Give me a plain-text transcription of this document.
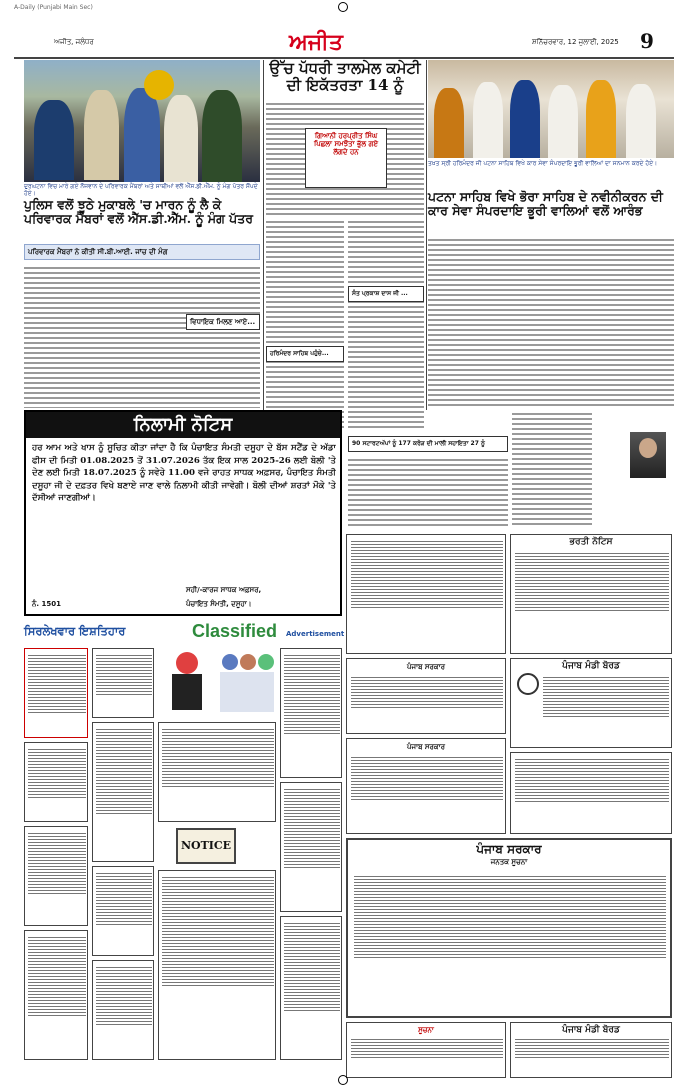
A-Daily (Punjabi Main Sec)
ਅਜੀਤ, ਜਲੰਧਰ	ਅਜੀਤ	ਸ਼ਨਿੱਚਰਵਾਰ, 12 ਜੁਲਾਈ, 2025 9
ਦੁਰਘਟਨਾ ਵਿਚ ਮਾਰੇ ਗਏ ਨੌਜਵਾਨ ਦੇ ਪਰਿਵਾਰਕ ਮੈਂਬਰਾਂ ਅਤੇ ਸਾਥੀਆਂ ਵਲੋਂ ਐੱਸ.ਡੀ.ਐੱਮ. ਨੂੰ ਮੰਗ ਪੱਤਰ ਸੌਂਪਦੇ ਹੋਏ।
ਉੱਚ ਪੱਧਰੀ ਤਾਲਮੇਲ ਕਮੇਟੀ ਦੀ ਇਕੱਤਰਤਾ 14 ਨੂੰ
ਗਿਆਨੀ ਹਰਪ੍ਰੀਤ ਸਿੰਘ ਪਿਛਲਾ ਸਮਝੌਤਾ ਭੁੱਲ ਗਏ ਲੱਗਦੇ ਹਨ
ਤਖ਼ਤ ਸ੍ਰੀ ਹਰਿਮੰਦਰ ਜੀ ਪਟਨਾ ਸਾਹਿਬ ਵਿਖੇ ਕਾਰ ਸੇਵਾ ਸੰਪਰਦਾਇ ਭੂਰੀ ਵਾਲਿਆਂ ਦਾ ਸਨਮਾਨ ਕਰਦੇ ਹੋਏ।
ਪਟਨਾ ਸਾਹਿਬ ਵਿਖੇ ਭੋਰਾ ਸਾਹਿਬ ਦੇ ਨਵੀਨੀਕਰਨ ਦੀ ਕਾਰ ਸੇਵਾ ਸੰਪਰਦਾਇ ਭੂਰੀ ਵਾਲਿਆਂ ਵਲੋਂ ਆਰੰਭ
ਪੁਲਿਸ ਵਲੋਂ ਝੂਠੇ ਮੁਕਾਬਲੇ 'ਚ ਮਾਰਨ ਨੂੰ ਲੈ ਕੇ ਪਰਿਵਾਰਕ ਮੈਂਬਰਾਂ ਵਲੋਂ ਐੱਸ.ਡੀ.ਐੱਮ. ਨੂੰ ਮੰਗ ਪੱਤਰ
ਪਰਿਵਾਰਕ ਮੈਂਬਰਾਂ ਨੇ ਕੀਤੀ ਸੀ.ਬੀ.ਆਈ. ਜਾਂਚ ਦੀ ਮੰਗ
ਵਿਧਾਇਕ ਮਿਲਣ ਆਏ...
ਹਰਿਮੰਦਰ ਸਾਹਿਬ ਪਹੁੰਚੇ...
ਸੰਤ ਪ੍ਰਕਾਸ਼ ਦਾਸ ਜੀ ...
90 ਸਟਾਰਟਅੱਪਾਂ ਨੂੰ 177 ਕਰੋੜ ਦੀ ਮਾਲੀ ਸਹਾਇਤਾ 27 ਨੂੰ
ਨਿਲਾਮੀ ਨੋਟਿਸ
ਹਰ ਆਮ ਅਤੇ ਖਾਸ ਨੂੰ ਸੂਚਿਤ ਕੀਤਾ ਜਾਂਦਾ ਹੈ ਕਿ ਪੰਚਾਇਤ ਸੰਮਤੀ ਦਸੂਹਾ ਦੇ ਬੱਸ ਸਟੈਂਡ ਦੇ ਅੱਡਾ ਫੀਸ ਦੀ ਮਿਤੀ 01.08.2025 ਤੋਂ 31.07.2026 ਤੱਕ ਇਕ ਸਾਲ 2025-26 ਲਈ ਬੋਲੀ 'ਤੇ ਦੇਣ ਲਈ ਮਿਤੀ 18.07.2025 ਨੂੰ ਸਵੇਰੇ 11.00 ਵਜੇ ਰਾਹਤ ਸਾਧਕ ਅਫ਼ਸਰ, ਪੰਚਾਇਤ ਸੰਮਤੀ ਦਸੂਹਾ ਜੀ ਦੇ ਦਫ਼ਤਰ ਵਿਖੇ ਬਣਾਏ ਜਾਣ ਵਾਲੇ ਨਿਲਾਮੀ ਕੀਤੀ ਜਾਵੇਗੀ। ਬੋਲੀ ਦੀਆਂ ਸ਼ਰਤਾਂ ਮੌਕੇ 'ਤੇ ਦੱਸੀਆਂ ਜਾਣਗੀਆਂ।
ਸਹੀ/-ਕਾਰਜ ਸਾਧਕ ਅਫ਼ਸਰ,
ਨੰ. 1501	ਪੰਚਾਇਤ ਸੰਮਤੀ, ਦਸੂਹਾ।
ਸਿਰਲੇਖਵਾਰ ਇਸ਼ਤਿਹਾਰ	Classified Advertisement
NOTICE
ਪੰਜਾਬ ਸਰਕਾਰ
ਪੰਜਾਬ ਸਰਕਾਰ
ਪੰਜਾਬ ਸਰਕਾਰ
ਜਨਤਕ ਸੂਚਨਾ
ਸੂਚਨਾ
ਭਰਤੀ ਨੋਟਿਸ
ਪੰਜਾਬ ਮੰਡੀ ਬੋਰਡ
ਪੰਜਾਬ ਮੰਡੀ ਬੋਰਡ
